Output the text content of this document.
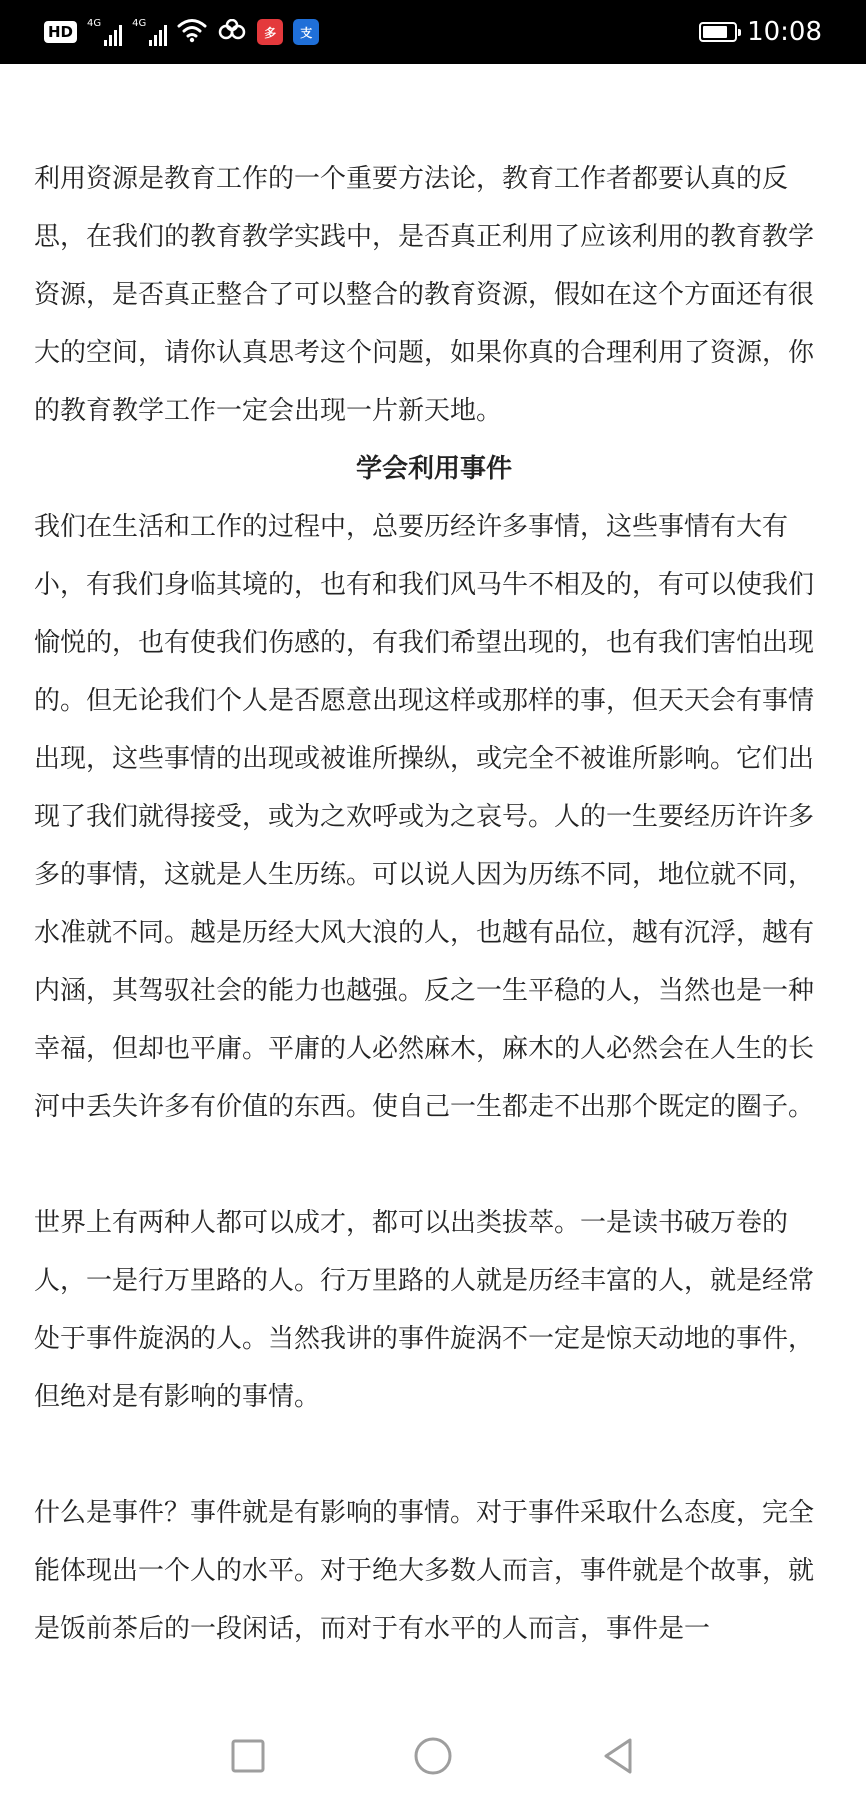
HD	4G	4G
多	支	10:08

利用资源是教育工作的一个重要方法论，教育工作者都要认真的反思，在我们的教育教学实践中，是否真正利用了应该利用的教育教学资源，是否真正整合了可以整合的教育资源，假如在这个方面还有很大的空间，请你认真思考这个问题，如果你真的合理利用了资源，你的教育教学工作一定会出现一片新天地。

学会利用事件

我们在生活和工作的过程中，总要历经许多事情，这些事情有大有小，有我们身临其境的，也有和我们风马牛不相及的，有可以使我们愉悦的，也有使我们伤感的，有我们希望出现的，也有我们害怕出现的。但无论我们个人是否愿意出现这样或那样的事，但天天会有事情出现，这些事情的出现或被谁所操纵，或完全不被谁所影响。它们出现了我们就得接受，或为之欢呼或为之哀号。人的一生要经历许许多多的事情，这就是人生历练。可以说人因为历练不同，地位就不同，水准就不同。越是历经大风大浪的人，也越有品位，越有沉浮，越有内涵，其驾驭社会的能力也越强。反之一生平稳的人，当然也是一种幸福，但却也平庸。平庸的人必然麻木，麻木的人必然会在人生的长河中丢失许多有价值的东西。使自己一生都走不出那个既定的圈子。

世界上有两种人都可以成才，都可以出类拔萃。一是读书破万卷的人，一是行万里路的人。行万里路的人就是历经丰富的人，就是经常处于事件旋涡的人。当然我讲的事件旋涡不一定是惊天动地的事件，但绝对是有影响的事情。

什么是事件？事件就是有影响的事情。对于事件采取什么态度，完全能体现出一个人的水平。对于绝大多数人而言，事件就是个故事，就是饭前茶后的一段闲话，而对于有水平的人而言，事件是一
